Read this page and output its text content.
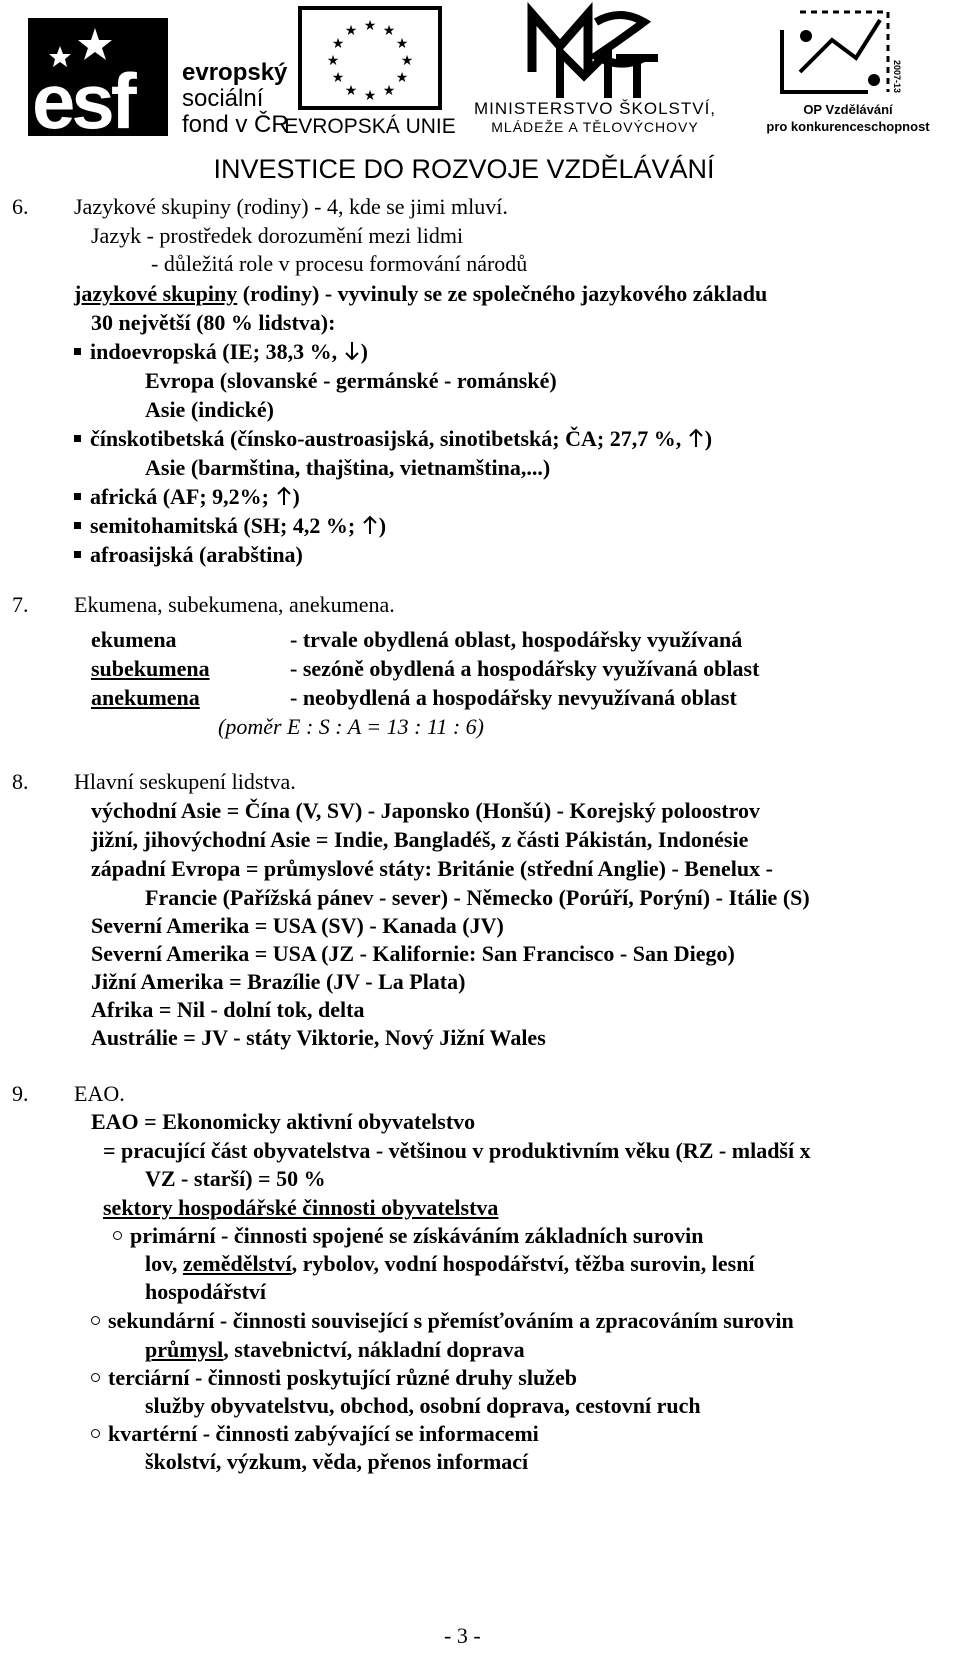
esf evropský
sociální
fond v ČR
★ ★
★
★
★
★
★
★
★
★
★
★
EVROPSKÁ UNIE
MINISTERSTVO ŠKOLSTVÍ,
MLÁDEŽE A TĚLOVÝCHOVY
2007-13
OP Vzdělávání
pro konkurenceschopnost
INVESTICE DO ROZVOJE VZDĚLÁVÁNÍ
6. Jazykové skupiny (rodiny) - 4, kde se jimi mluví.
Jazyk - prostředek dorozumění mezi lidmi
- důležitá role v procesu formování národů
jazykové skupiny (rodiny) - vyvinuly se ze společného jazykového základu
30 největší (80 % lidstva):
indoevropská (IE; 38,3 %, )
Evropa (slovanské - germánské - románské)
Asie (indické)
čínskotibetská (čínsko-austroasijská, sinotibetská; ČA; 27,7 %, )
Asie (barmština, thajština, vietnamština,...)
africká (AF; 9,2%; )
semitohamitská (SH; 4,2 %; )
afroasijská (arabština)
7. Ekumena, subekumena, anekumena.
ekumena	- trvale obydlená oblast, hospodářsky využívaná
subekumena	- sezóně obydlená a hospodářsky využívaná oblast
anekumena	- neobydlená a hospodářsky nevyužívaná oblast
(poměr E : S : A = 13 : 11 : 6)
8. Hlavní seskupení lidstva.
východní Asie = Čína (V, SV) - Japonsko (Honšú) - Korejský poloostrov
jižní, jihovýchodní Asie = Indie, Bangladéš, z části Pákistán, Indonésie
západní Evropa = průmyslové státy: Británie (střední Anglie) - Benelux -
Francie (Pařížská pánev - sever) - Německo (Porúří, Porýní) - Itálie (S)
Severní Amerika = USA (SV) - Kanada (JV)
Severní Amerika = USA (JZ - Kalifornie: San Francisco - San Diego)
Jižní Amerika = Brazílie (JV - La Plata)
Afrika = Nil - dolní tok, delta
Austrálie = JV - státy Viktorie, Nový Jižní Wales
9. EAO.
EAO = Ekonomicky aktivní obyvatelstvo
= pracující část obyvatelstva - většinou v produktivním věku (RZ - mladší x
VZ - starší) = 50 %
sektory hospodářské činnosti obyvatelstva
primární - činnosti spojené se získáváním základních surovin
lov, zemědělství, rybolov, vodní hospodářství, těžba surovin, lesní
hospodářství
sekundární - činnosti související s přemísťováním a zpracováním surovin
průmysl, stavebnictví, nákladní doprava
terciární - činnosti poskytující různé druhy služeb
služby obyvatelstvu, obchod, osobní doprava, cestovní ruch
kvartérní - činnosti zabývající se informacemi
školství, výzkum, věda, přenos informací
- 3 -
